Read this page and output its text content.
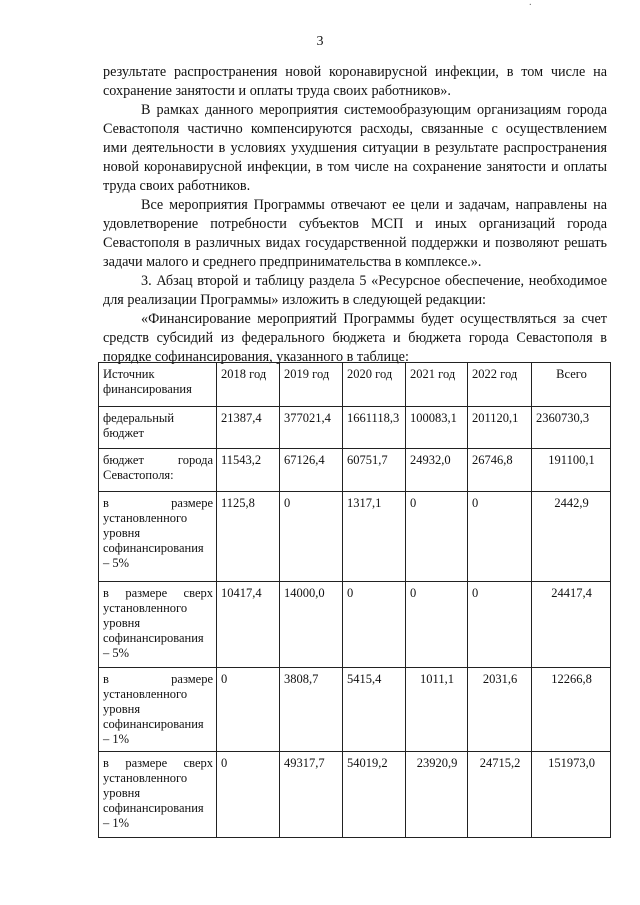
·
3

результате распространения новой коронавирусной инфекции, в том числе на сохранение занятости и оплаты труда своих работников».

В рамках данного мероприятия системообразующим организациям города Севастополя частично компенсируются расходы, связанные с осуществлением ими деятельности в условиях ухудшения ситуации в результате распространения новой коронавирусной инфекции, в том числе на сохранение занятости и оплаты труда своих работников.

Все мероприятия Программы отвечают ее цели и задачам, направлены на удовлетворение потребности субъектов МСП и иных организаций города Севастополя в различных видах государственной поддержки и позволяют решать задачи малого и среднего предпринимательства в комплексе.».

3. Абзац второй и таблицу раздела 5 «Ресурсное обеспечение, необходимое для реализации Программы» изложить в следующей редакции:

«Финансирование мероприятий Программы будет осуществляться за счет средств субсидий из федерального бюджета и бюджета города Севастополя в порядке софинансирования, указанного в таблице:

Источник финансирования	2018 год	2019 год	2020 год	2021 год	2022 год	Всего
федеральный бюджет	21387,4	377021,4	1661118,3	100083,1	201120,1	2360730,3
бюджет города Севастополя:	11543,2	67126,4	60751,7	24932,0	26746,8	191100,1
в размере установленного уровня софинансирования – 5%	1125,8	0	1317,1	0	0	2442,9
в размере сверх установленного уровня софинансирования – 5%	10417,4	14000,0	0	0	0	24417,4
в размере установленного уровня софинансирования – 1%	0	3808,7	5415,4	1011,1	2031,6	12266,8
в размере сверх установленного уровня софинансирования – 1%	0	49317,7	54019,2	23920,9	24715,2	151973,0
